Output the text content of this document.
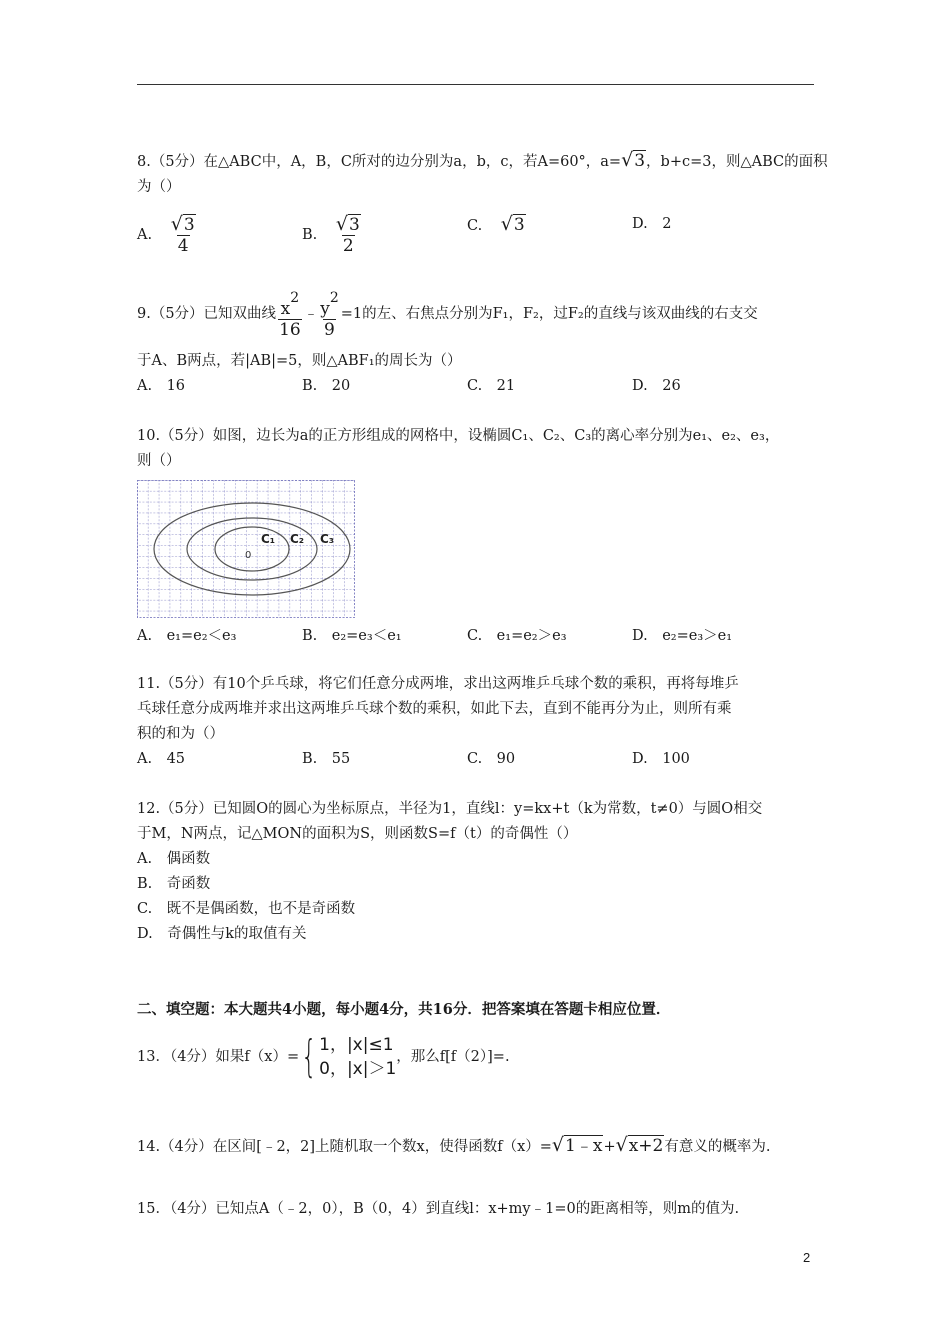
8.（5分）在△ABC中，A，B，C所对的边分别为a，b，c，若A=60°，a=√3，b+c=3，则△ABC的面积
为（）
A. $\frac{√3}{4}$	B. $\frac{√3}{2}$	C. √3	D.　2
9.（5分）已知双曲线 $\frac{x^2}{16}$ ﹣ $\frac{y^2}{9} =1$的左、右焦点分别为F₁，F₂，过F₂的直线与该双曲线的右支交
于A、B两点，若|AB|=5，则△ABF₁的周长为（）
A.　16	B.　20	C.　21	D.　26
10.（5分）如图，边长为a的正方形组成的网格中，设椭圆C₁、C₂、C₃的离心率分别为e₁、e₂、e₃，
则（）
0
C₁ C₂ C₃
A.　e₁=e₂＜e₃	B.　e₂=e₃＜e₁	C.　e₁=e₂＞e₃	D.　e₂=e₃＞e₁
11.（5分）有10个乒乓球，将它们任意分成两堆，求出这两堆乒乓球个数的乘积，再将每堆乒
乓球任意分成两堆并求出这两堆乒乓球个数的乘积，如此下去，直到不能再分为止，则所有乘
积的和为（）
A.　45	B.　55	C.　90	D.　100
12.（5分）已知圆O的圆心为坐标原点，半径为1，直线l：y=kx+t（k为常数，t≠0）与圆O相交
于M，N两点，记△MON的面积为S，则函数S=f（t）的奇偶性（）
A.　偶函数
B.　奇函数
C.　既不是偶函数，也不是奇函数
D.　奇偶性与k的取值有关
二、填空题：本大题共4小题，每小题4分，共16分．把答案填在答题卡相应位置．
13．（4分）如果f（x）= { 1，|x|≤1
0，|x|＞1
，那么f[f（2）]=.
14.（4分）在区间[﹣2，2]上随机取一个数x，使得函数f（x）=√1﹣x+√x+2有意义的概率为.
15．（4分）已知点A（﹣2，0），B（0，4）到直线l：x+my﹣1=0的距离相等，则m的值为.
2
